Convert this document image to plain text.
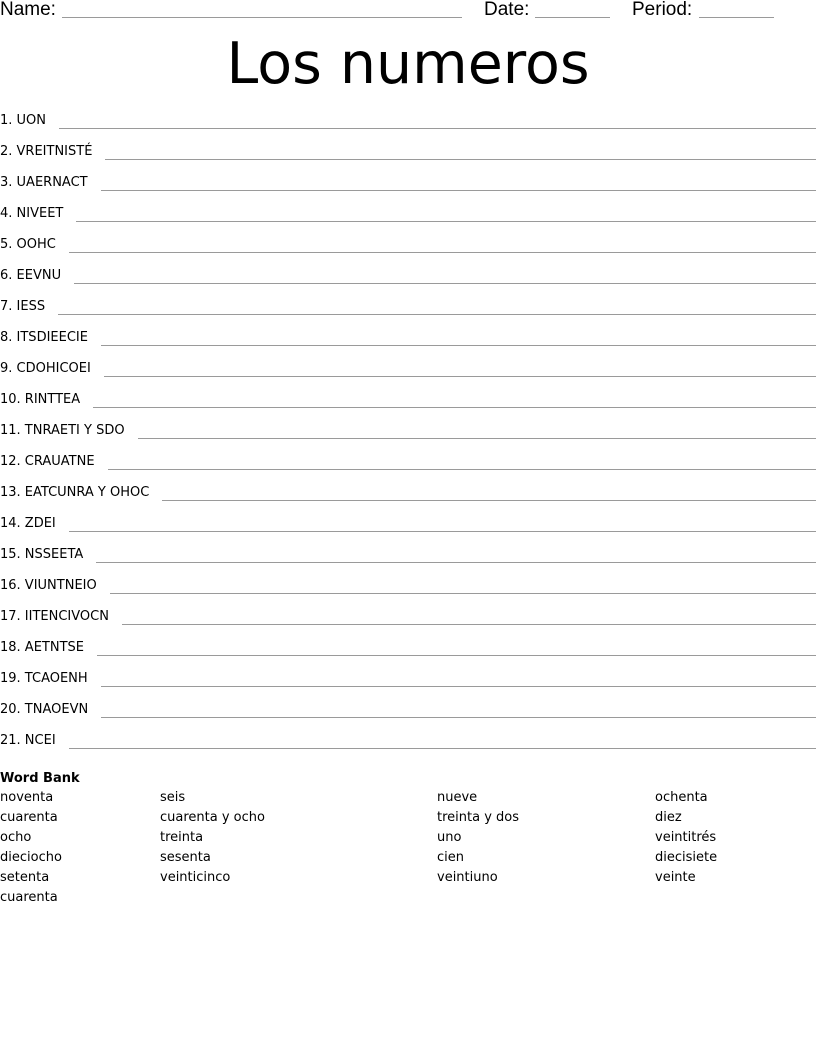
Name:	Date:	Period:
Los numeros
1. UON
2. VREITNISTÉ
3. UAERNACT
4. NIVEET
5. OOHC
6. EEVNU
7. IESS
8. ITSDIEECIE
9. CDOHICOEI
10. RINTTEA
11. TNRAETI Y SDO
12. CRAUATNE
13. EATCUNRA Y OHOC
14. ZDEI
15. NSSEETA
16. VIUNTNEIO
17. IITENCIVOCN
18. AETNTSE
19. TCAOENH
20. TNAOEVN
21. NCEI
Word Bank
noventa
cuarenta
ocho
dieciocho
setenta
cuarenta
seis
cuarenta y ocho
treinta
sesenta
veinticinco
nueve
treinta y dos
uno
cien
veintiuno
ochenta
diez
veintitrés
diecisiete
veinte
